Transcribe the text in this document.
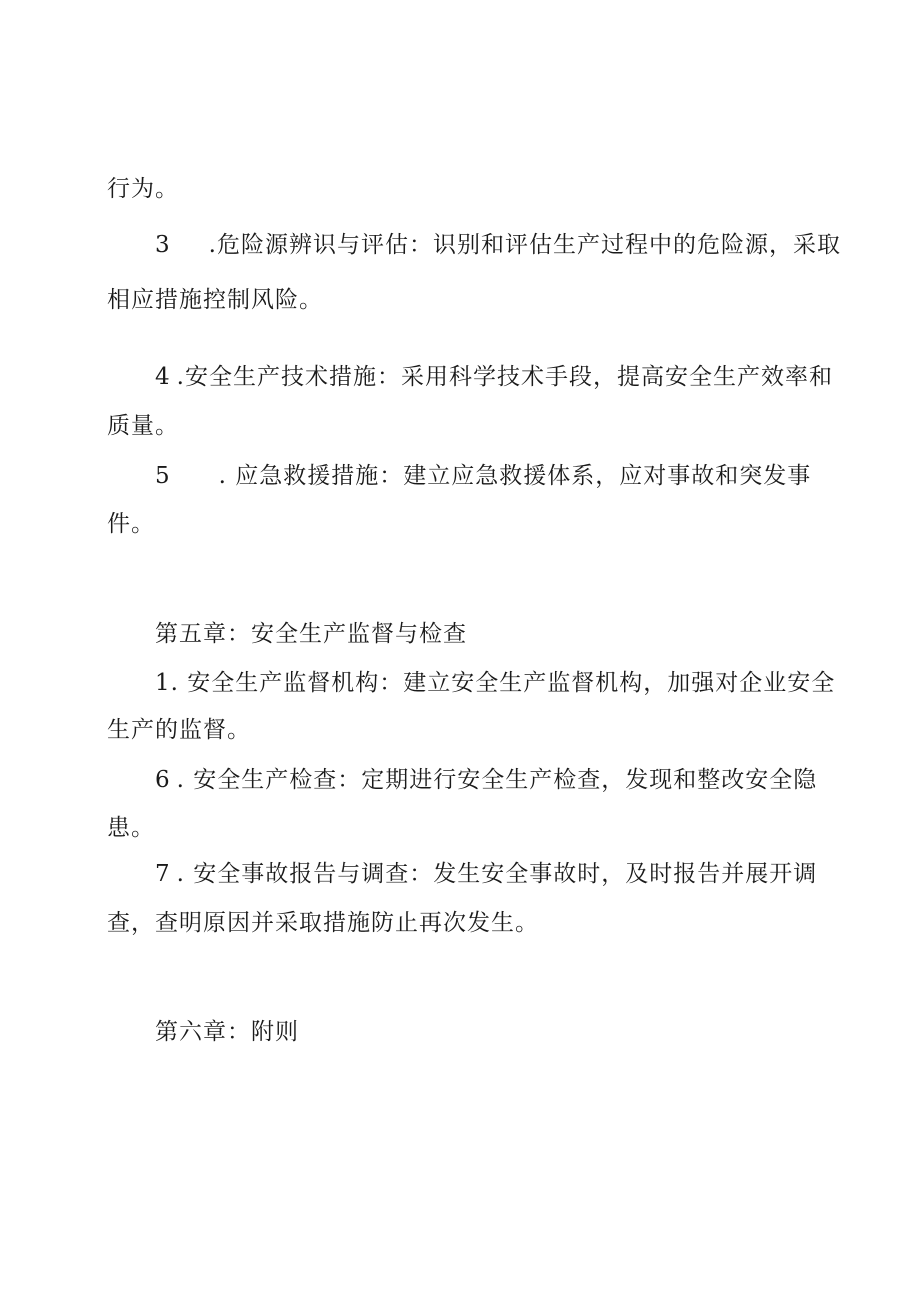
行为。
3 .危险源辨识与评估：识别和评估生产过程中的危险源，采取
相应措施控制风险。
4 .安全生产技术措施：采用科学技术手段，提高安全生产效率和
质量。
5 . 应急救援措施：建立应急救援体系，应对事故和突发事
件。
第五章：安全生产监督与检查
1. 安全生产监督机构：建立安全生产监督机构，加强对企业安全
生产的监督。
6 . 安全生产检查：定期进行安全生产检查，发现和整改安全隐
患。
7 . 安全事故报告与调查：发生安全事故时，及时报告并展开调
查，查明原因并采取措施防止再次发生。
第六章：附则
